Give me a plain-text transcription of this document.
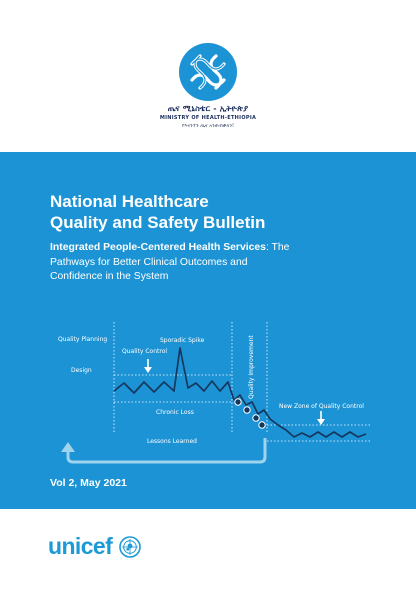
ጤና ሚኒስቴር - ኢትዮጵያ
MINISTRY OF HEALTH-ETHIOPIA
የእናንተን ጤና አንጠብቃለን!
National Healthcare
Quality and Safety Bulletin

Integrated People-Centered Health Services: The Pathways for Better Clinical Outcomes and Confidence in the System

Quality Planning
Design
Quality Control
Sporadic Spike
Chronic Loss
New Zone of Quality Control
Lessons Learned
Quality Improvement

Vol 2, May 2021

unicef
